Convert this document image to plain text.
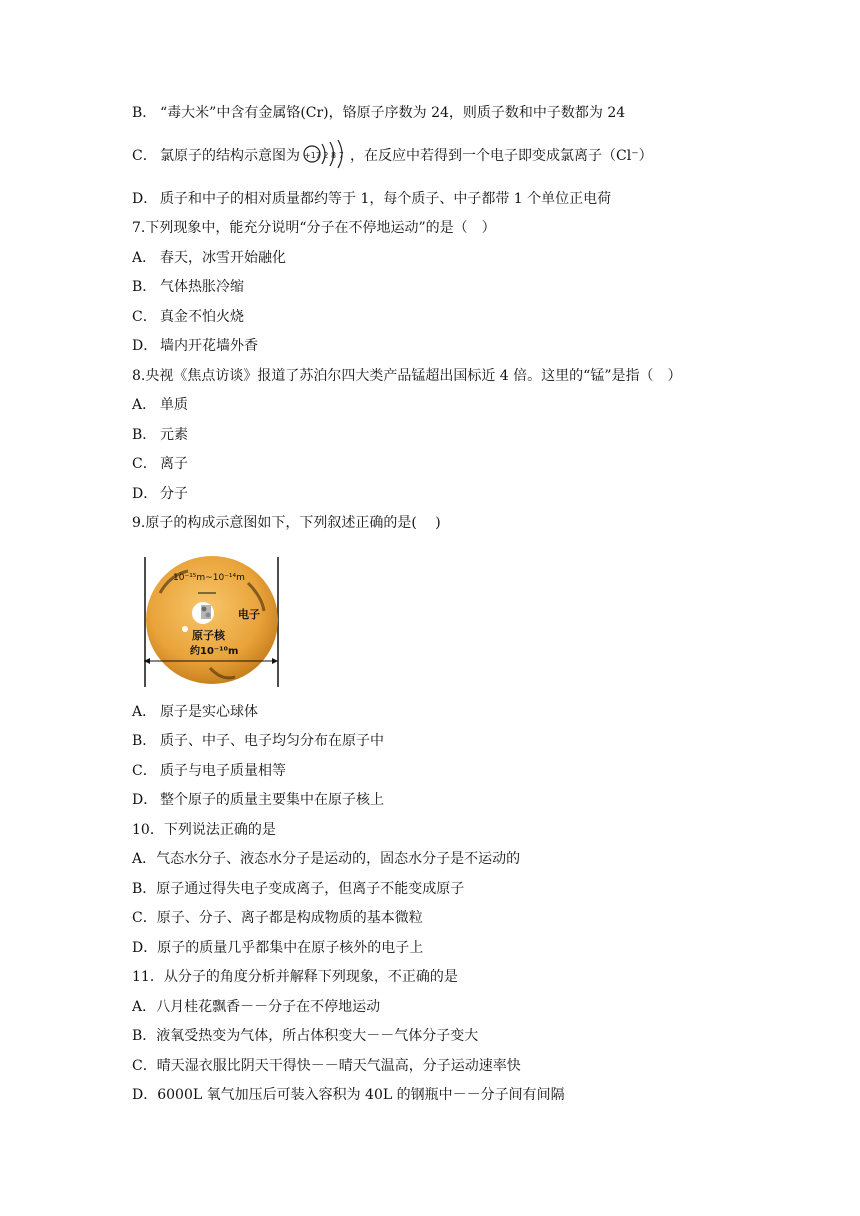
B． “毒大米”中含有金属铬(Cr)，铬原子序数为 24，则质子数和中子数都为 24
C． 氯原子的结构示意图为 +17 2 8 7 ，在反应中若得到一个电子即变成氯离子（Cl⁻）
D． 质子和中子的相对质量都约等于 1，每个质子、中子都带 1 个单位正电荷
7.下列现象中，能充分说明“分子在不停地运动”的是（　）
A． 春天，冰雪开始融化
B． 气体热胀冷缩
C． 真金不怕火烧
D． 墙内开花墙外香
8.央视《焦点访谈》报道了苏泊尔四大类产品锰超出国标近 4 倍。这里的“锰”是指（　）
A． 单质
B． 元素
C． 离子
D． 分子
9.原子的构成示意图如下，下列叙述正确的是(　 )
10⁻¹⁵m~10⁻¹⁴m
电子
原子核
约10⁻¹⁰m
A． 原子是实心球体
B． 质子、中子、电子均匀分布在原子中
C． 质子与电子质量相等
D． 整个原子的质量主要集中在原子核上
10．下列说法正确的是
A．气态水分子、液态水分子是运动的，固态水分子是不运动的
B．原子通过得失电子变成离子，但离子不能变成原子
C．原子、分子、离子都是构成物质的基本微粒
D．原子的质量几乎都集中在原子核外的电子上
11．从分子的角度分析并解释下列现象，不正确的是
A．八月桂花飘香－－分子在不停地运动
B．液氧受热变为气体，所占体积变大－－气体分子变大
C．晴天湿衣服比阴天干得快－－晴天气温高，分子运动速率快
D．6000L 氧气加压后可装入容积为 40L 的钢瓶中－－分子间有间隔
